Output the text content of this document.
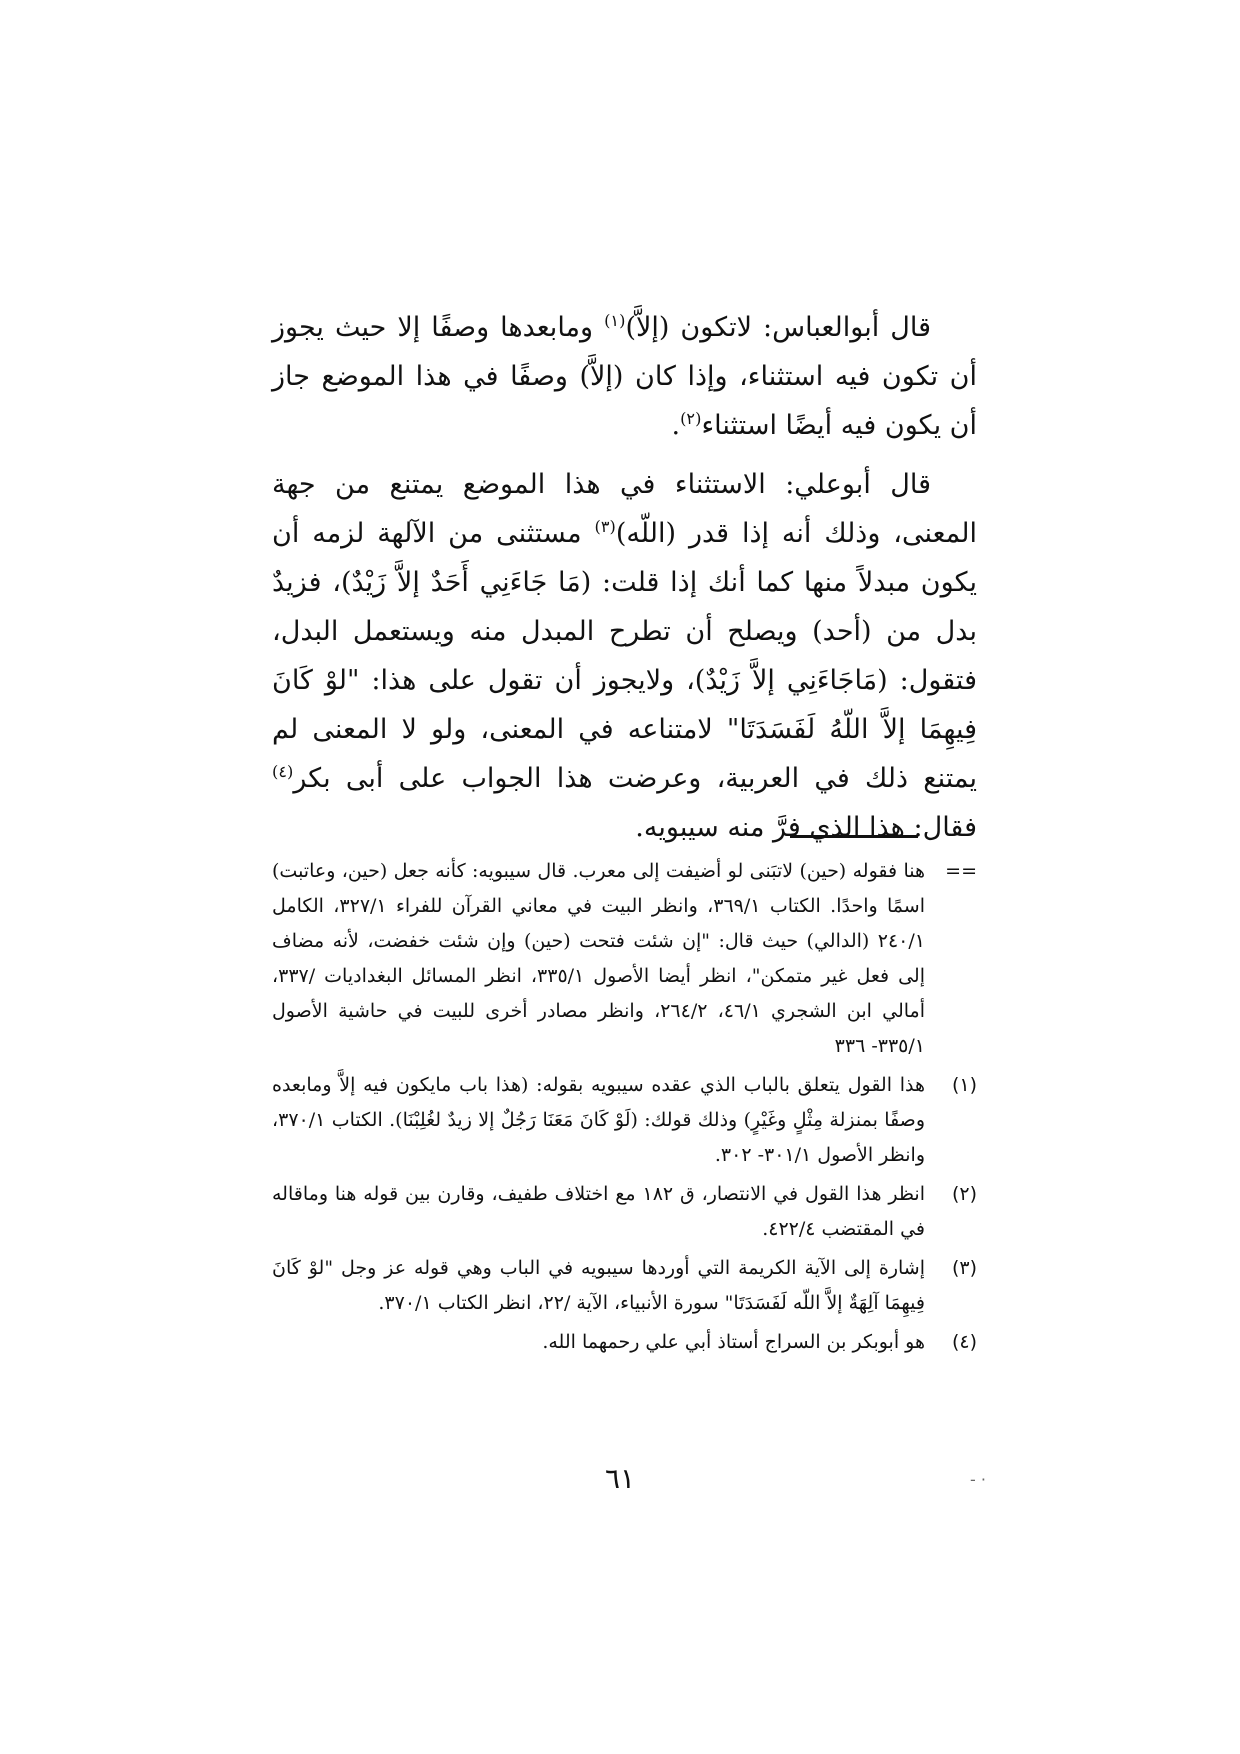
قال أبوالعباس: لاتكون (إلاَّ)$^{(١)}$ ومابعدها وصفًا إلا حيث يجوز أن تكون فيه استثناء، وإذا كان (إلاَّ) وصفًا في هذا الموضع جاز أن يكون فيه أيضًا استثناء$^{(٢)}$.

قال أبوعلي: الاستثناء في هذا الموضع يمتنع من جهة المعنى، وذلك أنه إذا قدر (اللّه)$^{(٣)}$ مستثنى من الآلهة لزمه أن يكون مبدلاً منها كما أنك إذا قلت: (مَا جَاءَنِي أَحَدٌ إلاَّ زَيْدٌ)، فزيدٌ بدل من (أحد) ويصلح أن تطرح المبدل منه ويستعمل البدل، فتقول: (مَاجَاءَنِي إلاَّ زَيْدٌ)، ولايجوز أن تقول على هذا: "لوْ كَانَ فِيهِمَا إلاَّ اللّهُ لَفَسَدَتَا" لامتناعه في المعنى، ولو لا المعنى لم يمتنع ذلك في العربية، وعرضت هذا الجواب على أبى بكر$^{(٤)}$ فقال: هذا الذي فرَّ منه سيبويه.

==

هنا فقوله (حين) لاتبَنى لو أضيفت إلى معرب. قال سيبويه: كأنه جعل (حين، وعاتبت) اسمًا واحدًا. الكتاب ٣٦٩/١، وانظر البيت في معاني القرآن للفراء ٣٢٧/١، الكامل ٢٤٠/١ (الدالي) حيث قال: "إن شئت فتحت (حين) وإن شئت خفضت، لأنه مضاف إلى فعل غير متمكن"، انظر أيضا الأصول ٣٣٥/١، انظر المسائل البغداديات /٣٣٧، أمالي ابن الشجري ٤٦/١، ٢٦٤/٢، وانظر مصادر أخرى للبيت في حاشية الأصول ٣٣٥/١- ٣٣٦

(١)

هذا القول يتعلق بالباب الذي عقده سيبويه بقوله: (هذا باب مايكون فيه إلاَّ ومابعده وصفًا بمنزلة مِثْلٍ وغَيْرٍ) وذلك قولك: (لَوْ كَانَ مَعَنَا رَجُلٌ إلا زيدٌ لغُلِبْنَا). الكتاب ٣٧٠/١، وانظر الأصول ٣٠١/١- ٣٠٢.

(٢)

انظر هذا القول في الانتصار، ق ١٨٢ مع اختلاف طفيف، وقارن بين قوله هنا وماقاله في المقتضب ٤٢٢/٤.

(٣)

إشارة إلى الآية الكريمة التي أوردها سيبويه في الباب وهي قوله عز وجل "لوْ كَانَ فِيهِمَا آلِهَةٌ إلاَّ اللّه لَفَسَدَتَا" سورة الأنبياء، الآية /٢٢، انظر الكتاب ٣٧٠/١.

(٤)

هو أبوبكر بن السراج أستاذ أبي علي رحمهما الله.

٦١	- ·
